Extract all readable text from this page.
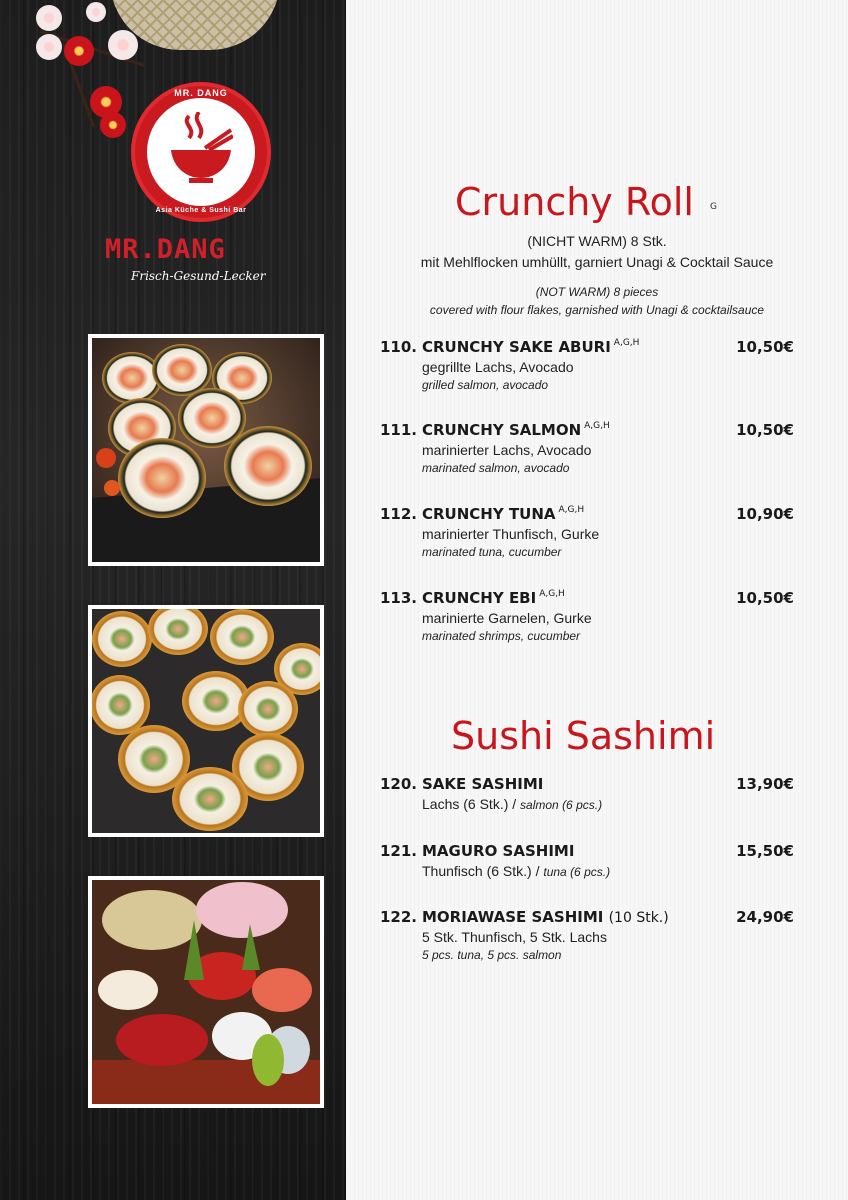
MR. DANG
Asia Küche & Sushi Bar
MR.DANG
Frisch-Gesund-Lecker
Crunchy Roll G
(NICHT WARM) 8 Stk.
mit Mehlflocken umhüllt, garniert Unagi & Cocktail Sauce
(NOT WARM) 8 pieces
covered with flour flakes, garnished with Unagi & cocktailsauce
110. CRUNCHY SAKE ABURI $^{A,G,H}$	10,50€
gegrillte Lachs, Avocado
grilled salmon, avocado
111. CRUNCHY SALMON $^{A,G,H}$	10,50€
marinierter Lachs, Avocado
marinated salmon, avocado
112. CRUNCHY TUNA $^{A,G,H}$	10,90€
marinierter Thunfisch, Gurke
marinated tuna, cucumber
113. CRUNCHY EBI $^{A,G,H}$	10,50€
marinierte Garnelen, Gurke
marinated shrimps, cucumber
Sushi Sashimi
120. SAKE SASHIMI	13,90€
Lachs (6 Stk.) / salmon (6 pcs.)
121. MAGURO SASHIMI	15,50€
Thunfisch (6 Stk.) / tuna (6 pcs.)
122. MORIAWASE SASHIMI (10 Stk.)	24,90€
5 Stk. Thunfisch, 5 Stk. Lachs
5 pcs. tuna, 5 pcs. salmon
